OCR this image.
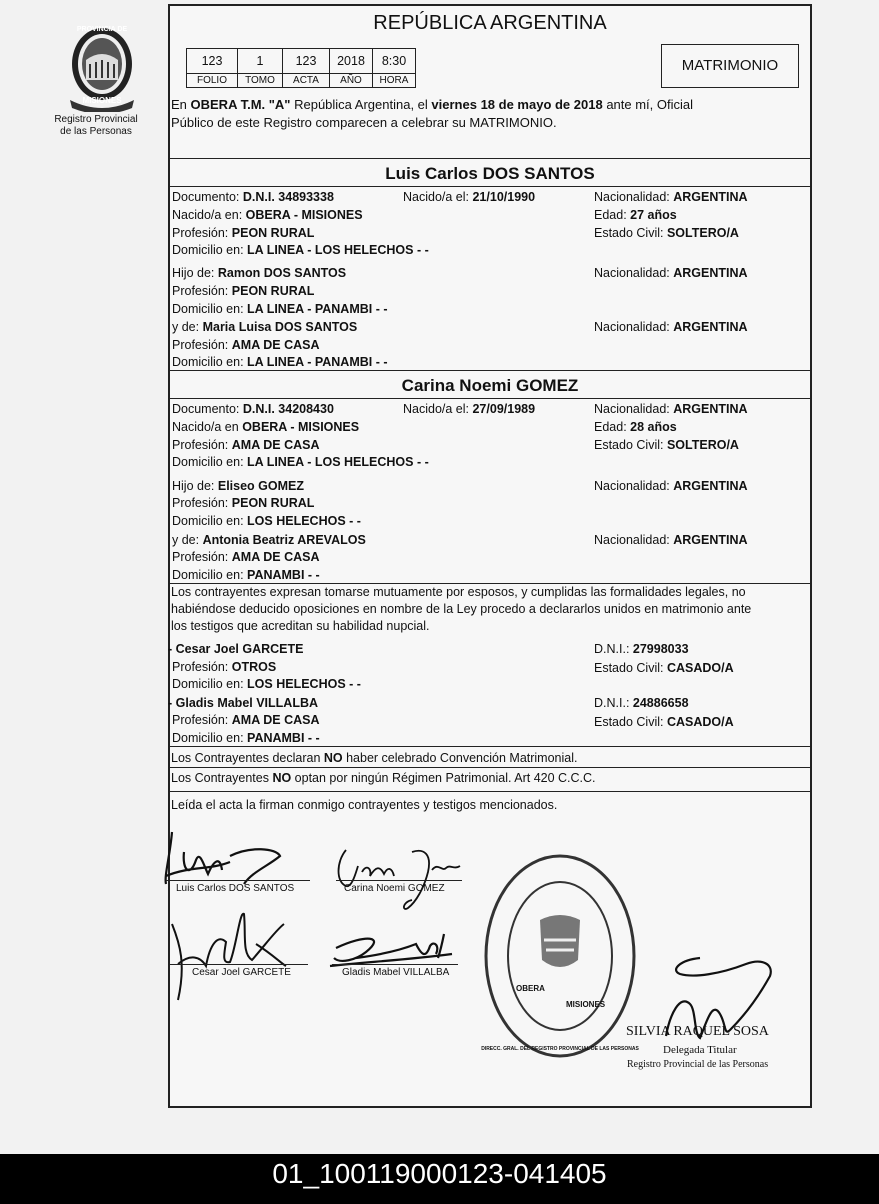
PROVINCIA DE
MISIONES
Registro Provincial
de las Personas
REPÚBLICA ARGENTINA
123	1	123	2018	8:30
FOLIO	TOMO	ACTA	AÑO	HORA
MATRIMONIO
En OBERA T.M. "A" República Argentina, el viernes 18 de mayo de 2018 ante mí, Oficial
Público de este Registro comparecen a celebrar su MATRIMONIO.
Luis Carlos DOS SANTOS
Documento: D.N.I. 34893338	Nacido/a el: 21/10/1990	Nacionalidad: ARGENTINA
Nacido/a en: OBERA - MISIONES	Edad: 27 años
Profesión: PEON RURAL	Estado Civil: SOLTERO/A
Domicilio en: LA LINEA - LOS HELECHOS - -
Hijo de: Ramon DOS SANTOS	Nacionalidad: ARGENTINA
Profesión: PEON RURAL
Domicilio en: LA LINEA - PANAMBI - -
y de: Maria Luisa DOS SANTOS	Nacionalidad: ARGENTINA
Profesión: AMA DE CASA
Domicilio en: LA LINEA - PANAMBI - -
Carina Noemi GOMEZ
Documento: D.N.I. 34208430	Nacido/a el: 27/09/1989	Nacionalidad: ARGENTINA
Nacido/a en OBERA - MISIONES	Edad: 28 años
Profesión: AMA DE CASA	Estado Civil: SOLTERO/A
Domicilio en: LA LINEA - LOS HELECHOS - -
Hijo de: Eliseo GOMEZ	Nacionalidad: ARGENTINA
Profesión: PEON RURAL
Domicilio en: LOS HELECHOS - -
y de: Antonia Beatriz AREVALOS	Nacionalidad: ARGENTINA
Profesión: AMA DE CASA
Domicilio en: PANAMBI - -
Los contrayentes expresan tomarse mutuamente por esposos, y cumplidas las formalidades legales, no
habiéndose deducido oposiciones en nombre de la Ley procedo a declararlos unidos en matrimonio ante
los testigos que acreditan su habilidad nupcial.
- Cesar Joel GARCETE	D.N.I.: 27998033
Profesión: OTROS	Estado Civil: CASADO/A
Domicilio en: LOS HELECHOS - -
- Gladis Mabel VILLALBA	D.N.I.: 24886658
Profesión: AMA DE CASA	Estado Civil: CASADO/A
Domicilio en: PANAMBI - -
Los Contrayentes declaran NO haber celebrado Convención Matrimonial.
Los Contrayentes NO optan por ningún Régimen Patrimonial. Art 420 C.C.C.
Leída el acta la firman conmigo contrayentes y testigos mencionados.
Luis Carlos DOS SANTOS	Carina Noemi GOMEZ
Cesar Joel GARCETE	Gladis Mabel VILLALBA
DIRECC. GRAL. DEL REGISTRO PROVINCIAL DE LAS PERSONAS
OBERA
MISIONES
SILVIA RAQUEL SOSA
Delegada Titular
Registro Provincial de las Personas
01_100119000123-041405
